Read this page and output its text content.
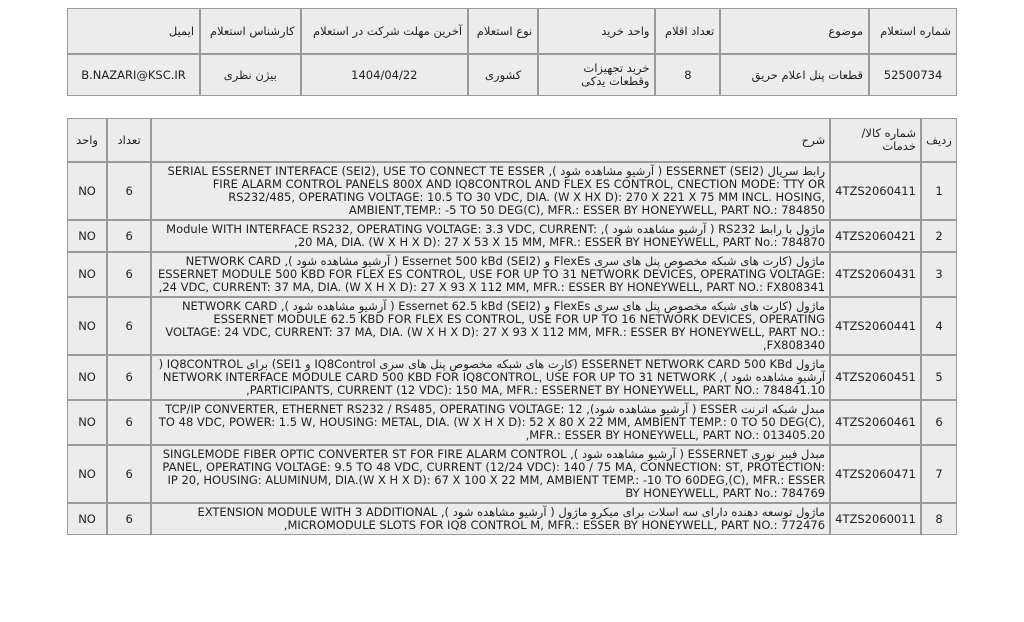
شماره استعلام	موضوع	تعداد اقلام	واحد خرید	نوع استعلام	آخرین مهلت شرکت در استعلام	کارشناس استعلام	ایمیل
52500734	قطعات پنل اعلام حریق	8	خرید تجهیزات وقطعات یدکی	کشوری	1404/04/22	بیژن نظری	B.NAZARI@KSC.IR
ردیف	شماره کالا/خدمات	شرح	تعداد	واحد
1	4TZS2060411	رابط سریال (SEI2) ESSERNET ( آرشیو مشاهده شود ), SERIAL ESSERNET INTERFACE (SEI2), USE TO CONNECT TE ESSER FIRE ALARM CONTROL PANELS 800X AND IQ8CONTROL AND FLEX ES CONTROL, CNECTION MODE: TTY OR RS232/485, OPERATING VOLTAGE: 10.5 TO 30 VDC, DIA. (W X HX D): 270 X 221 X 75 MM INCL. HOSING, AMBIENT,TEMP.: -5 TO 50 DEG(C), MFR.: ESSER BY HONEYWELL, PART NO.: 784850	6	NO
2	4TZS2060421	ماژول با رابط RS232 ( آرشیو مشاهده شود ), Module WITH INTERFACE RS232, OPERATING VOLTAGE: 3.3 VDC, CURRENT: 20 MA, DIA. (W X H X D): 27 X 53 X 15 MM, MFR.: ESSER BY HONEYWELL, PART No.: 784870,	6	NO
3	4TZS2060431	ماژول (کارت های شبکه مخصوص پنل های سری FlexEs و Essernet 500 kBd (SEI2) ( آرشیو مشاهده شود ), NETWORK CARD ESSERNET MODULE 500 KBD FOR FLEX ES CONTROL, USE FOR UP TO 31 NETWORK DEVICES, OPERATING VOLTAGE: 24 VDC, CURRENT: 37 MA, DIA. (W X H X D): 27 X 93 X 112 MM, MFR.: ESSER BY HONEYWELL, PART NO.: FX808341,	6	NO
4	4TZS2060441	ماژول (کارت های شبکه مخصوص پنل های سری FlexEs و Essernet 62.5 kBd (SEI2) ( آرشیو مشاهده شود ), NETWORK CARD ESSERNET MODULE 62.5 KBD FOR FLEX ES CONTROL, USE FOR UP TO 16 NETWORK DEVICES, OPERATING VOLTAGE: 24 VDC, CURRENT: 37 MA, DIA. (W X H X D): 27 X 93 X 112 MM, MFR.: ESSER BY HONEYWELL, PART NO.: FX808340,	6	NO
5	4TZS2060451	ماژول ESSERNET NETWORK CARD 500 KBd (کارت های شبکه مخصوص پنل های سری IQ8Control و SEI1) برای IQ8CONTROL ( آرشیو مشاهده شود ), NETWORK INTERFACE MODULE CARD 500 KBD FOR IQ8CONTROL, USE FOR UP TO 31 NETWORK PARTICIPANTS, CURRENT (12 VDC): 150 MA, MFR.: ESSERNET BY HONEYWELL, PART NO.: 784841.10,	6	NO
6	4TZS2060461	مبدل شبکه اترنت ESSER ( آرشیو مشاهده شود), TCP/IP CONVERTER, ETHERNET RS232 / RS485, OPERATING VOLTAGE: 12 TO 48 VDC, POWER: 1.5 W, HOUSING: METAL, DIA. (W X H X D): 52 X 80 X 22 MM, AMBIENT TEMP.: 0 TO 50 DEG(C), MFR.: ESSER BY HONEYWELL, PART NO.: 013405.20,	6	NO
7	4TZS2060471	مبدل فیبر نوری ESSERNET ( آرشیو مشاهده شود ), SINGLEMODE FIBER OPTIC CONVERTER ST FOR FIRE ALARM CONTROL PANEL, OPERATING VOLTAGE: 9.5 TO 48 VDC, CURRENT (12/24 VDC): 140 / 75 MA, CONNECTION: ST, PROTECTION: IP 20, HOUSING: ALUMINUM, DIA.(W X H X D): 67 X 100 X 22 MM, AMBIENT TEMP.: -10 TO 60DEG,(C), MFR.: ESSER BY HONEYWELL, PART No.: 784769	6	NO
8	4TZS2060011	ماژول توسعه دهنده دارای سه اسلات برای میکرو ماژول ( آرشیو مشاهده شود ), EXTENSION MODULE WITH 3 ADDITIONAL MICROMODULE SLOTS FOR IQ8 CONTROL M, MFR.: ESSER BY HONEYWELL, PART NO.: 772476,	6	NO
